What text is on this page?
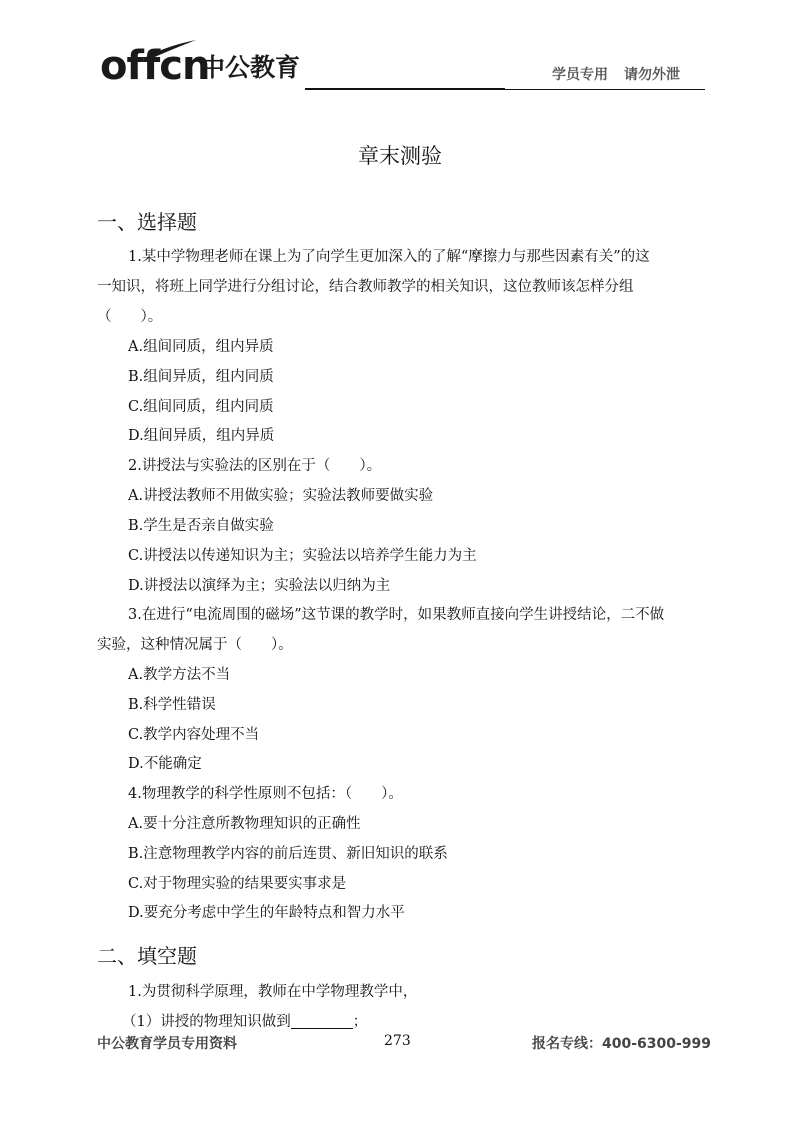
offcn
中公教育	学员专用 请勿外泄
章末测验
一、选择题
1.某中学物理老师在课上为了向学生更加深入的了解“摩擦力与那些因素有关”的这
一知识，将班上同学进行分组讨论，结合教师教学的相关知识，这位教师该怎样分组
（　　）。
A.组间同质，组内异质
B.组间异质，组内同质
C.组间同质，组内同质
D.组间异质，组内异质
2.讲授法与实验法的区别在于（　　）。
A.讲授法教师不用做实验；实验法教师要做实验
B.学生是否亲自做实验
C.讲授法以传递知识为主；实验法以培养学生能力为主
D.讲授法以演绎为主；实验法以归纳为主
3.在进行“电流周围的磁场”这节课的教学时，如果教师直接向学生讲授结论，二不做
实验，这种情况属于（　　）。
A.教学方法不当
B.科学性错误
C.教学内容处理不当
D.不能确定
4.物理教学的科学性原则不包括：（　　）。
A.要十分注意所教物理知识的正确性
B.注意物理教学内容的前后连贯、新旧知识的联系
C.对于物理实验的结果要实事求是
D.要充分考虑中学生的年龄特点和智力水平
二、填空题
1.为贯彻科学原理，教师在中学物理教学中，
（1）讲授的物理知识做到	；
中公教育学员专用资料	273	报名专线：400-6300-999
